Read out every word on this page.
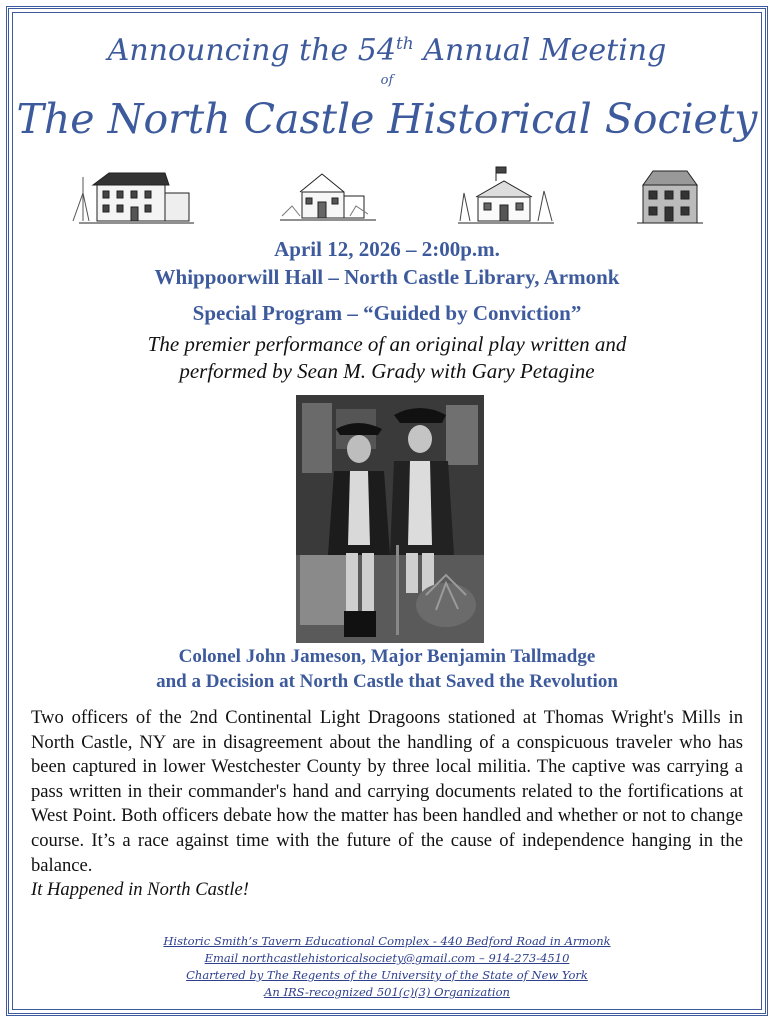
Announcing the 54th Annual Meeting
of
The North Castle Historical Society
April 12, 2026 – 2:00p.m.
Whippoorwill Hall – North Castle Library, Armonk
Special Program – “Guided by Conviction”
The premier performance of an original play written and
performed by Sean M. Grady with Gary Petagine
Colonel John Jameson, Major Benjamin Tallmadge
and a Decision at North Castle that Saved the Revolution
Two officers of the 2nd Continental Light Dragoons stationed at Thomas Wright's Mills in North Castle, NY are in disagreement about the handling of a conspicuous traveler who has been captured in lower Westchester County by three local militia. The captive was carrying a pass written in their commander's hand and carrying documents related to the fortifications at West Point. Both officers debate how the matter has been handled and whether or not to change course. It’s a race against time with the future of the cause of independence hanging in the balance.
It Happened in North Castle!
Historic Smith’s Tavern Educational Complex - 440 Bedford Road in Armonk
Email northcastlehistoricalsociety@gmail.com – 914-273-4510
Chartered by The Regents of the University of the State of New York
An IRS-recognized 501(c)(3) Organization
